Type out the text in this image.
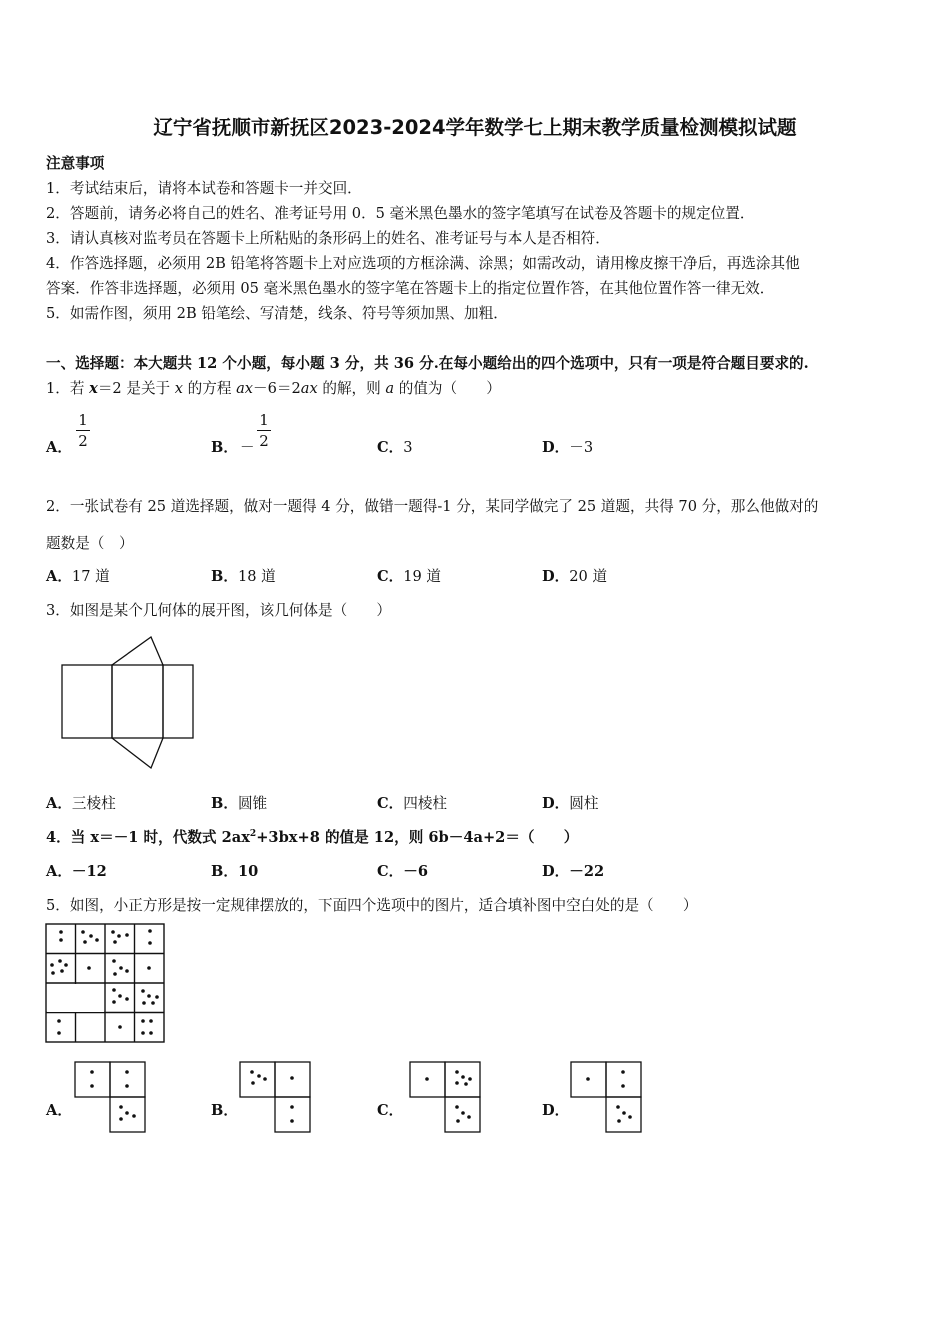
辽宁省抚顺市新抚区2023-2024学年数学七上期末教学质量检测模拟试题
注意事项
1．考试结束后，请将本试卷和答题卡一并交回．
2．答题前，请务必将自己的姓名、准考证号用 0．5 毫米黑色墨水的签字笔填写在试卷及答题卡的规定位置．
3．请认真核对监考员在答题卡上所粘贴的条形码上的姓名、准考证号与本人是否相符．
4．作答选择题，必须用 2B 铅笔将答题卡上对应选项的方框涂满、涂黑；如需改动，请用橡皮擦干净后，再选涂其他
答案．作答非选择题，必须用 05 毫米黑色墨水的签字笔在答题卡上的指定位置作答，在其他位置作答一律无效．
5．如需作图，须用 2B 铅笔绘、写清楚，线条、符号等须加黑、加粗．
一、选择题：本大题共 12 个小题，每小题 3 分，共 36 分.在每小题给出的四个选项中，只有一项是符合题目要求的.
1．若 x＝2 是关于 x 的方程 ax－6＝2ax 的解，则 a 的值为（　　）
A．
1
2	B． －
1
2	C．3	D．－3
2．一张试卷有 25 道选择题，做对一题得 4 分，做错一题得-1 分，某同学做完了 25 道题，共得 70 分，那么他做对的
题数是（　）
A．17 道	B．18 道	C．19 道	D．20 道
3．如图是某个几何体的展开图，该几何体是（　　）
A．三棱柱	B．圆锥	C．四棱柱	D．圆柱
4．当 x＝－1 时，代数式 $2ax^2+3bx+8$ 的值是 12，则 6b－4a+2＝（　　）
A．－12	B．10	C．－6	D．－22
5．如图，小正方形是按一定规律摆放的，下面四个选项中的图片，适合填补图中空白处的是（　　）
A．	B．	C．	D．
